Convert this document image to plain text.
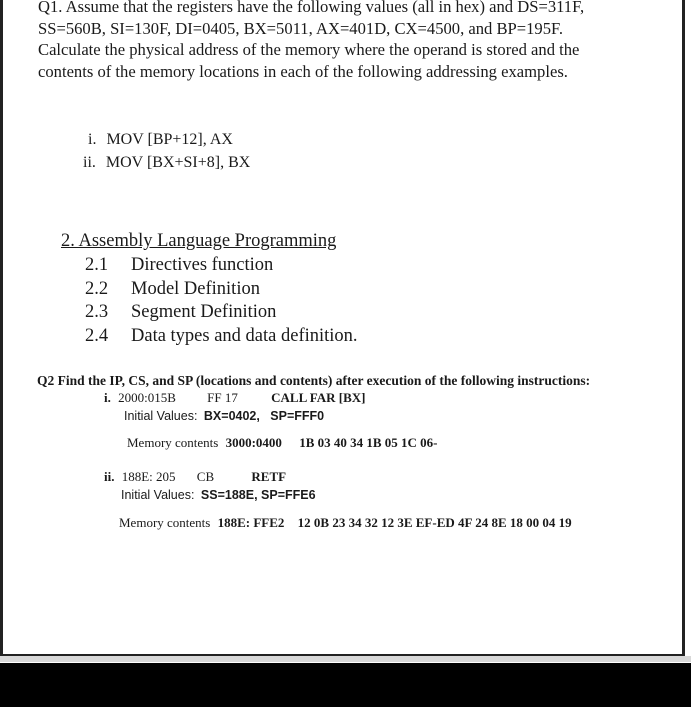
Q1. Assume that the registers have the following values (all in hex) and DS=311F,

SS=560B, SI=130F, DI=0405, BX=5011, AX=401D, CX=4500, and BP=195F.

Calculate the physical address of the memory where the operand is stored and the

contents of the memory locations in each of the following addressing examples.

i. MOV [BP+12], AX
ii. MOV [BX+SI+8], BX
2. Assembly Language Programming
2.1 Directives function
2.2 Model Definition
2.3 Segment Definition
2.4 Data types and data definition.
Q2 Find the IP, CS, and SP (locations and contents) after execution of the following instructions:
i. 2000:015B FF 17	CALL FAR [BX]
Initial Values: BX=0402,   SP=FFF0
Memory contents 3000:0400 1B 03 40 34 1B 05 1C 06-
ii. 188E: 205 CB	RETF
Initial Values: SS=188E, SP=FFE6
Memory contents 188E: FFE2 12 0B 23 34 32 12 3E EF-ED 4F 24 8E 18 00 04 19
